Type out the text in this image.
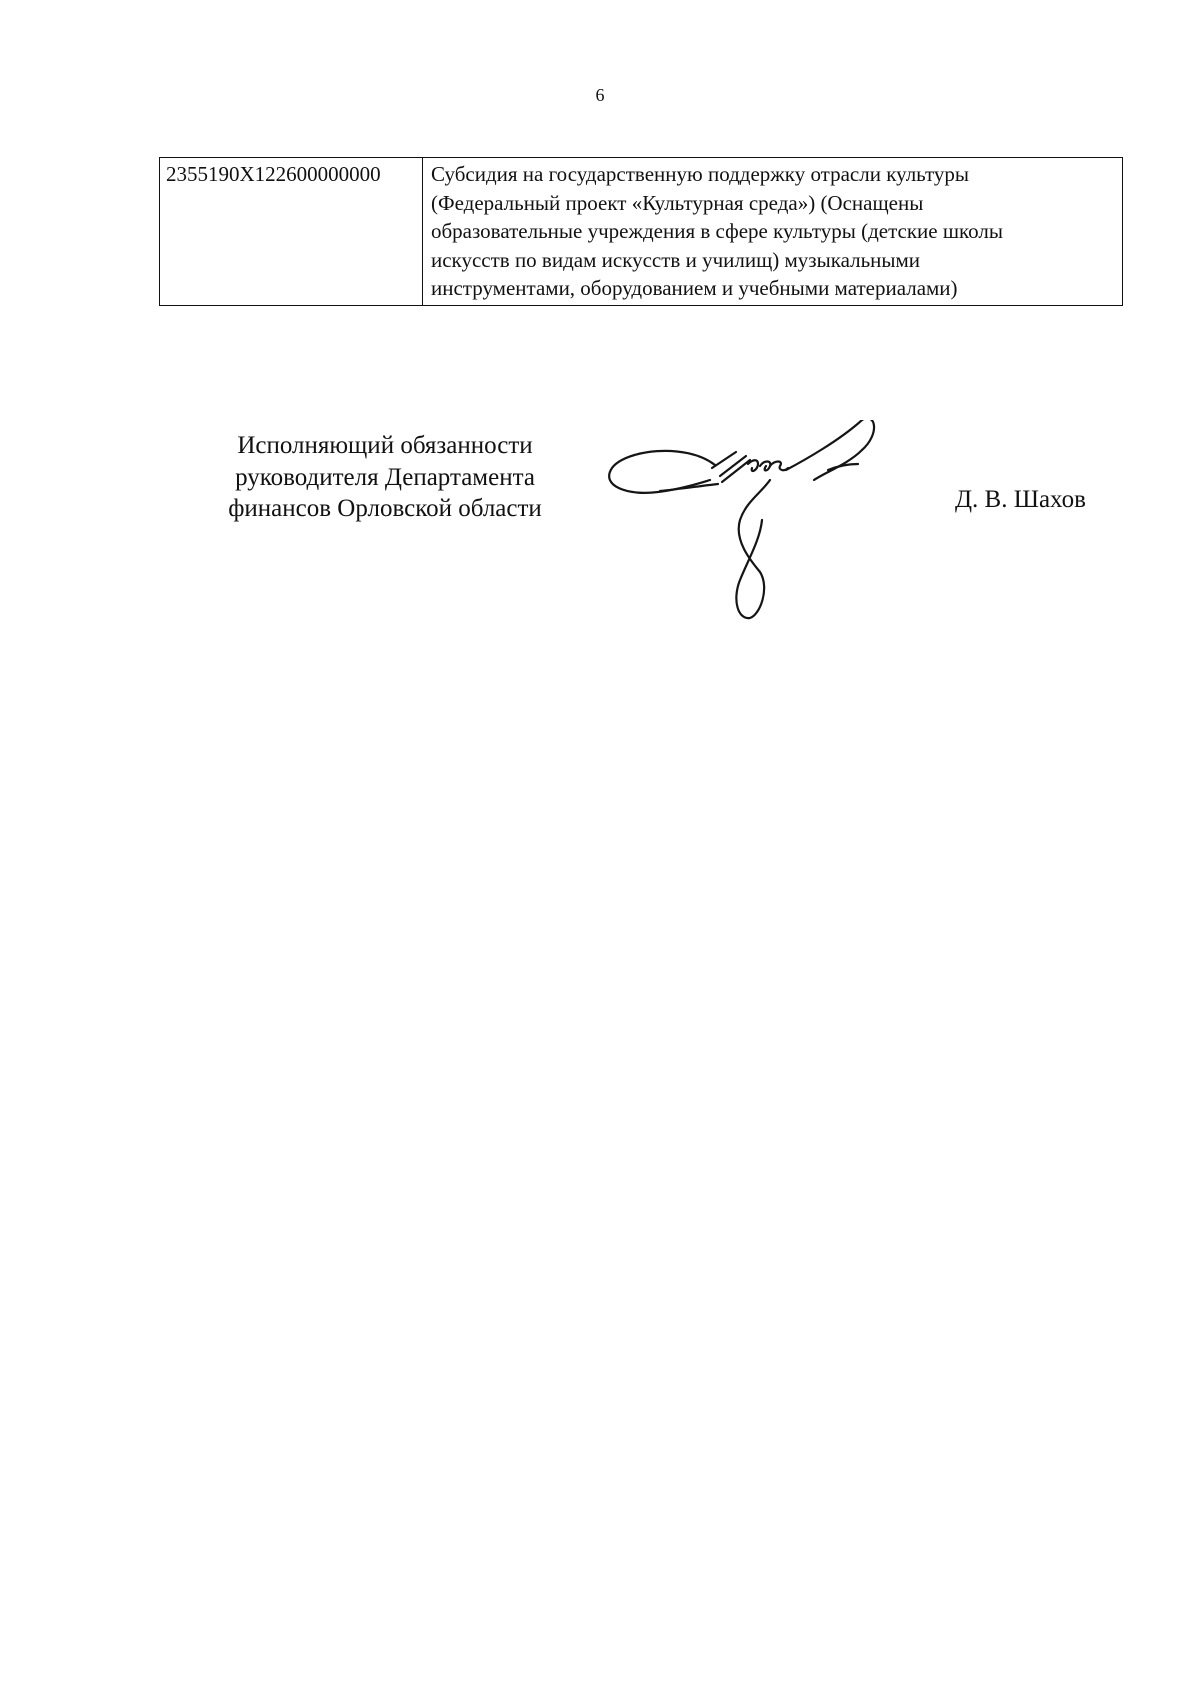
6
2355190X122600000000	Субсидия на государственную поддержку отрасли культуры
(Федеральный проект «Культурная среда») (Оснащены
образовательные учреждения в сфере культуры (детские школы
искусств по видам искусств и училищ) музыкальными
инструментами, оборудованием и учебными материалами)
Исполняющий обязанности
руководителя Департамента
финансов Орловской области	Д. В. Шахов
